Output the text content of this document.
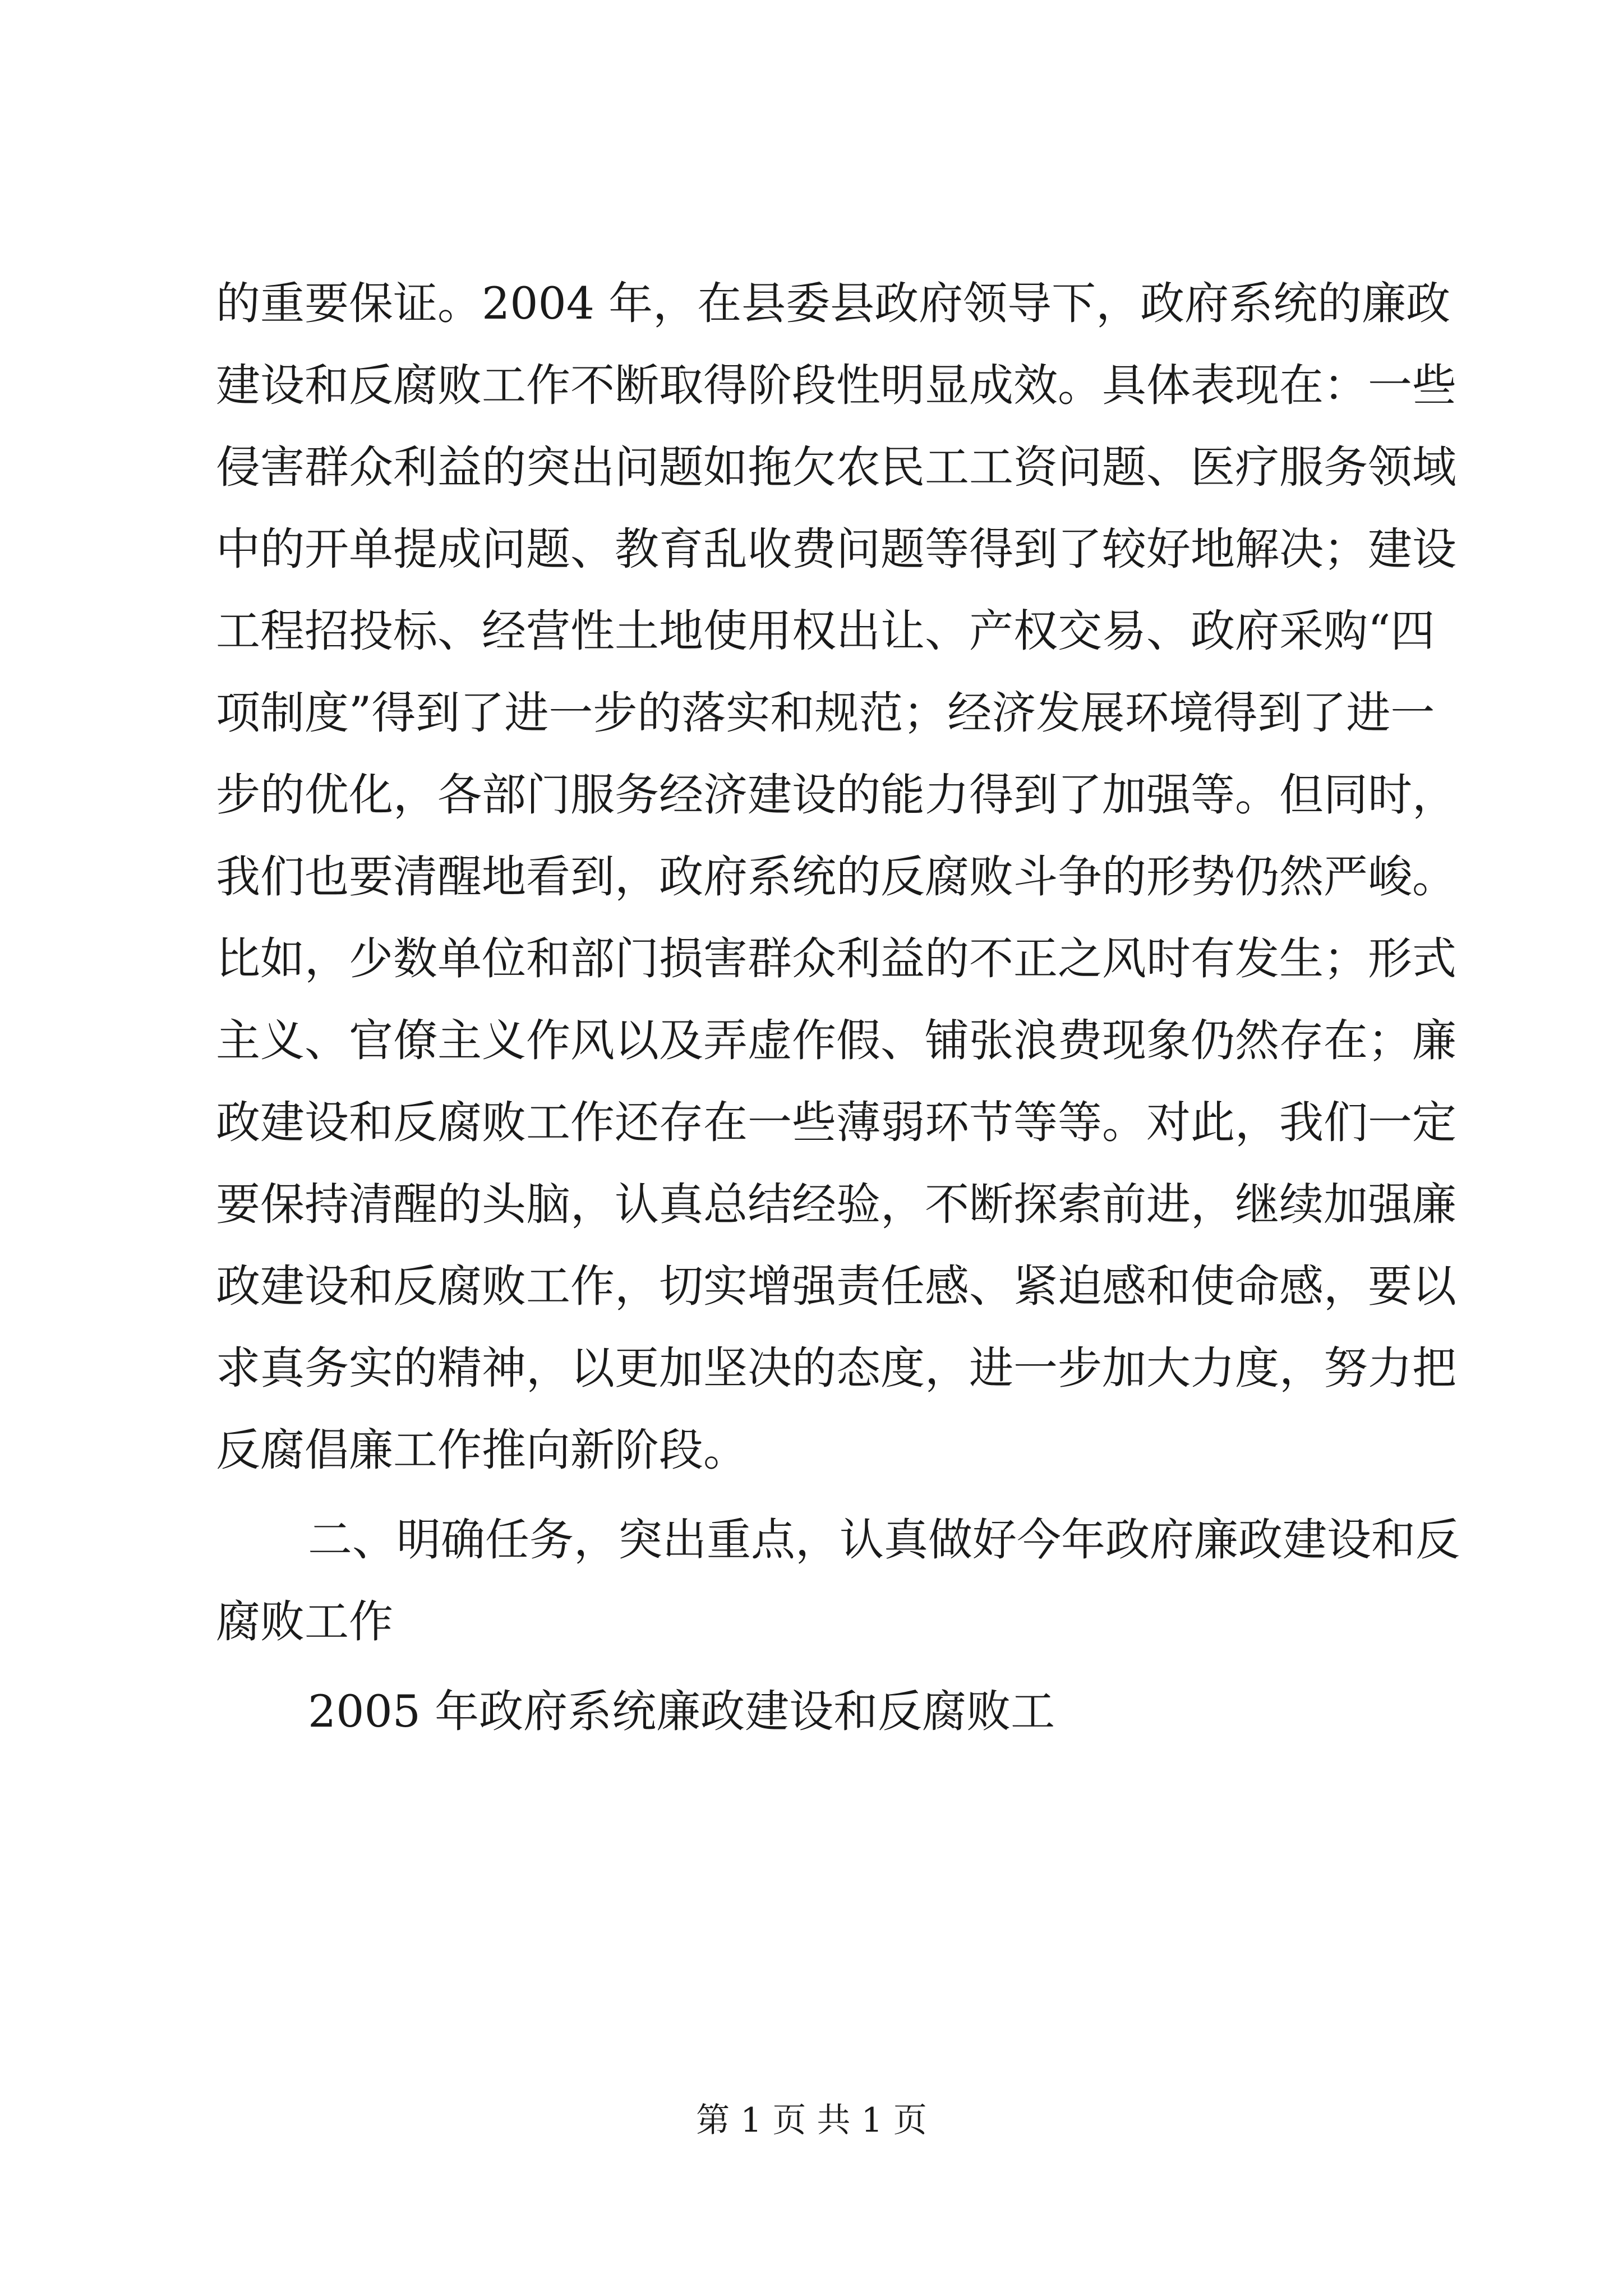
的重要保证。2004 年，在县委县政府领导下，政府系统的廉政
建设和反腐败工作不断取得阶段性明显成效。具体表现在：一些
侵害群众利益的突出问题如拖欠农民工工资问题、医疗服务领域
中的开单提成问题、教育乱收费问题等得到了较好地解决；建设
工程招投标、经营性土地使用权出让、产权交易、政府采购“四
项制度”得到了进一步的落实和规范；经济发展环境得到了进一
步的优化，各部门服务经济建设的能力得到了加强等。但同时，
我们也要清醒地看到，政府系统的反腐败斗争的形势仍然严峻。
比如，少数单位和部门损害群众利益的不正之风时有发生；形式
主义、官僚主义作风以及弄虚作假、铺张浪费现象仍然存在；廉
政建设和反腐败工作还存在一些薄弱环节等等。对此，我们一定
要保持清醒的头脑，认真总结经验，不断探索前进，继续加强廉
政建设和反腐败工作，切实增强责任感、紧迫感和使命感，要以
求真务实的精神，以更加坚决的态度，进一步加大力度，努力把
反腐倡廉工作推向新阶段。
二、明确任务，突出重点，认真做好今年政府廉政建设和反
腐败工作
2005 年政府系统廉政建设和反腐败工
第 1 页 共 1 页
